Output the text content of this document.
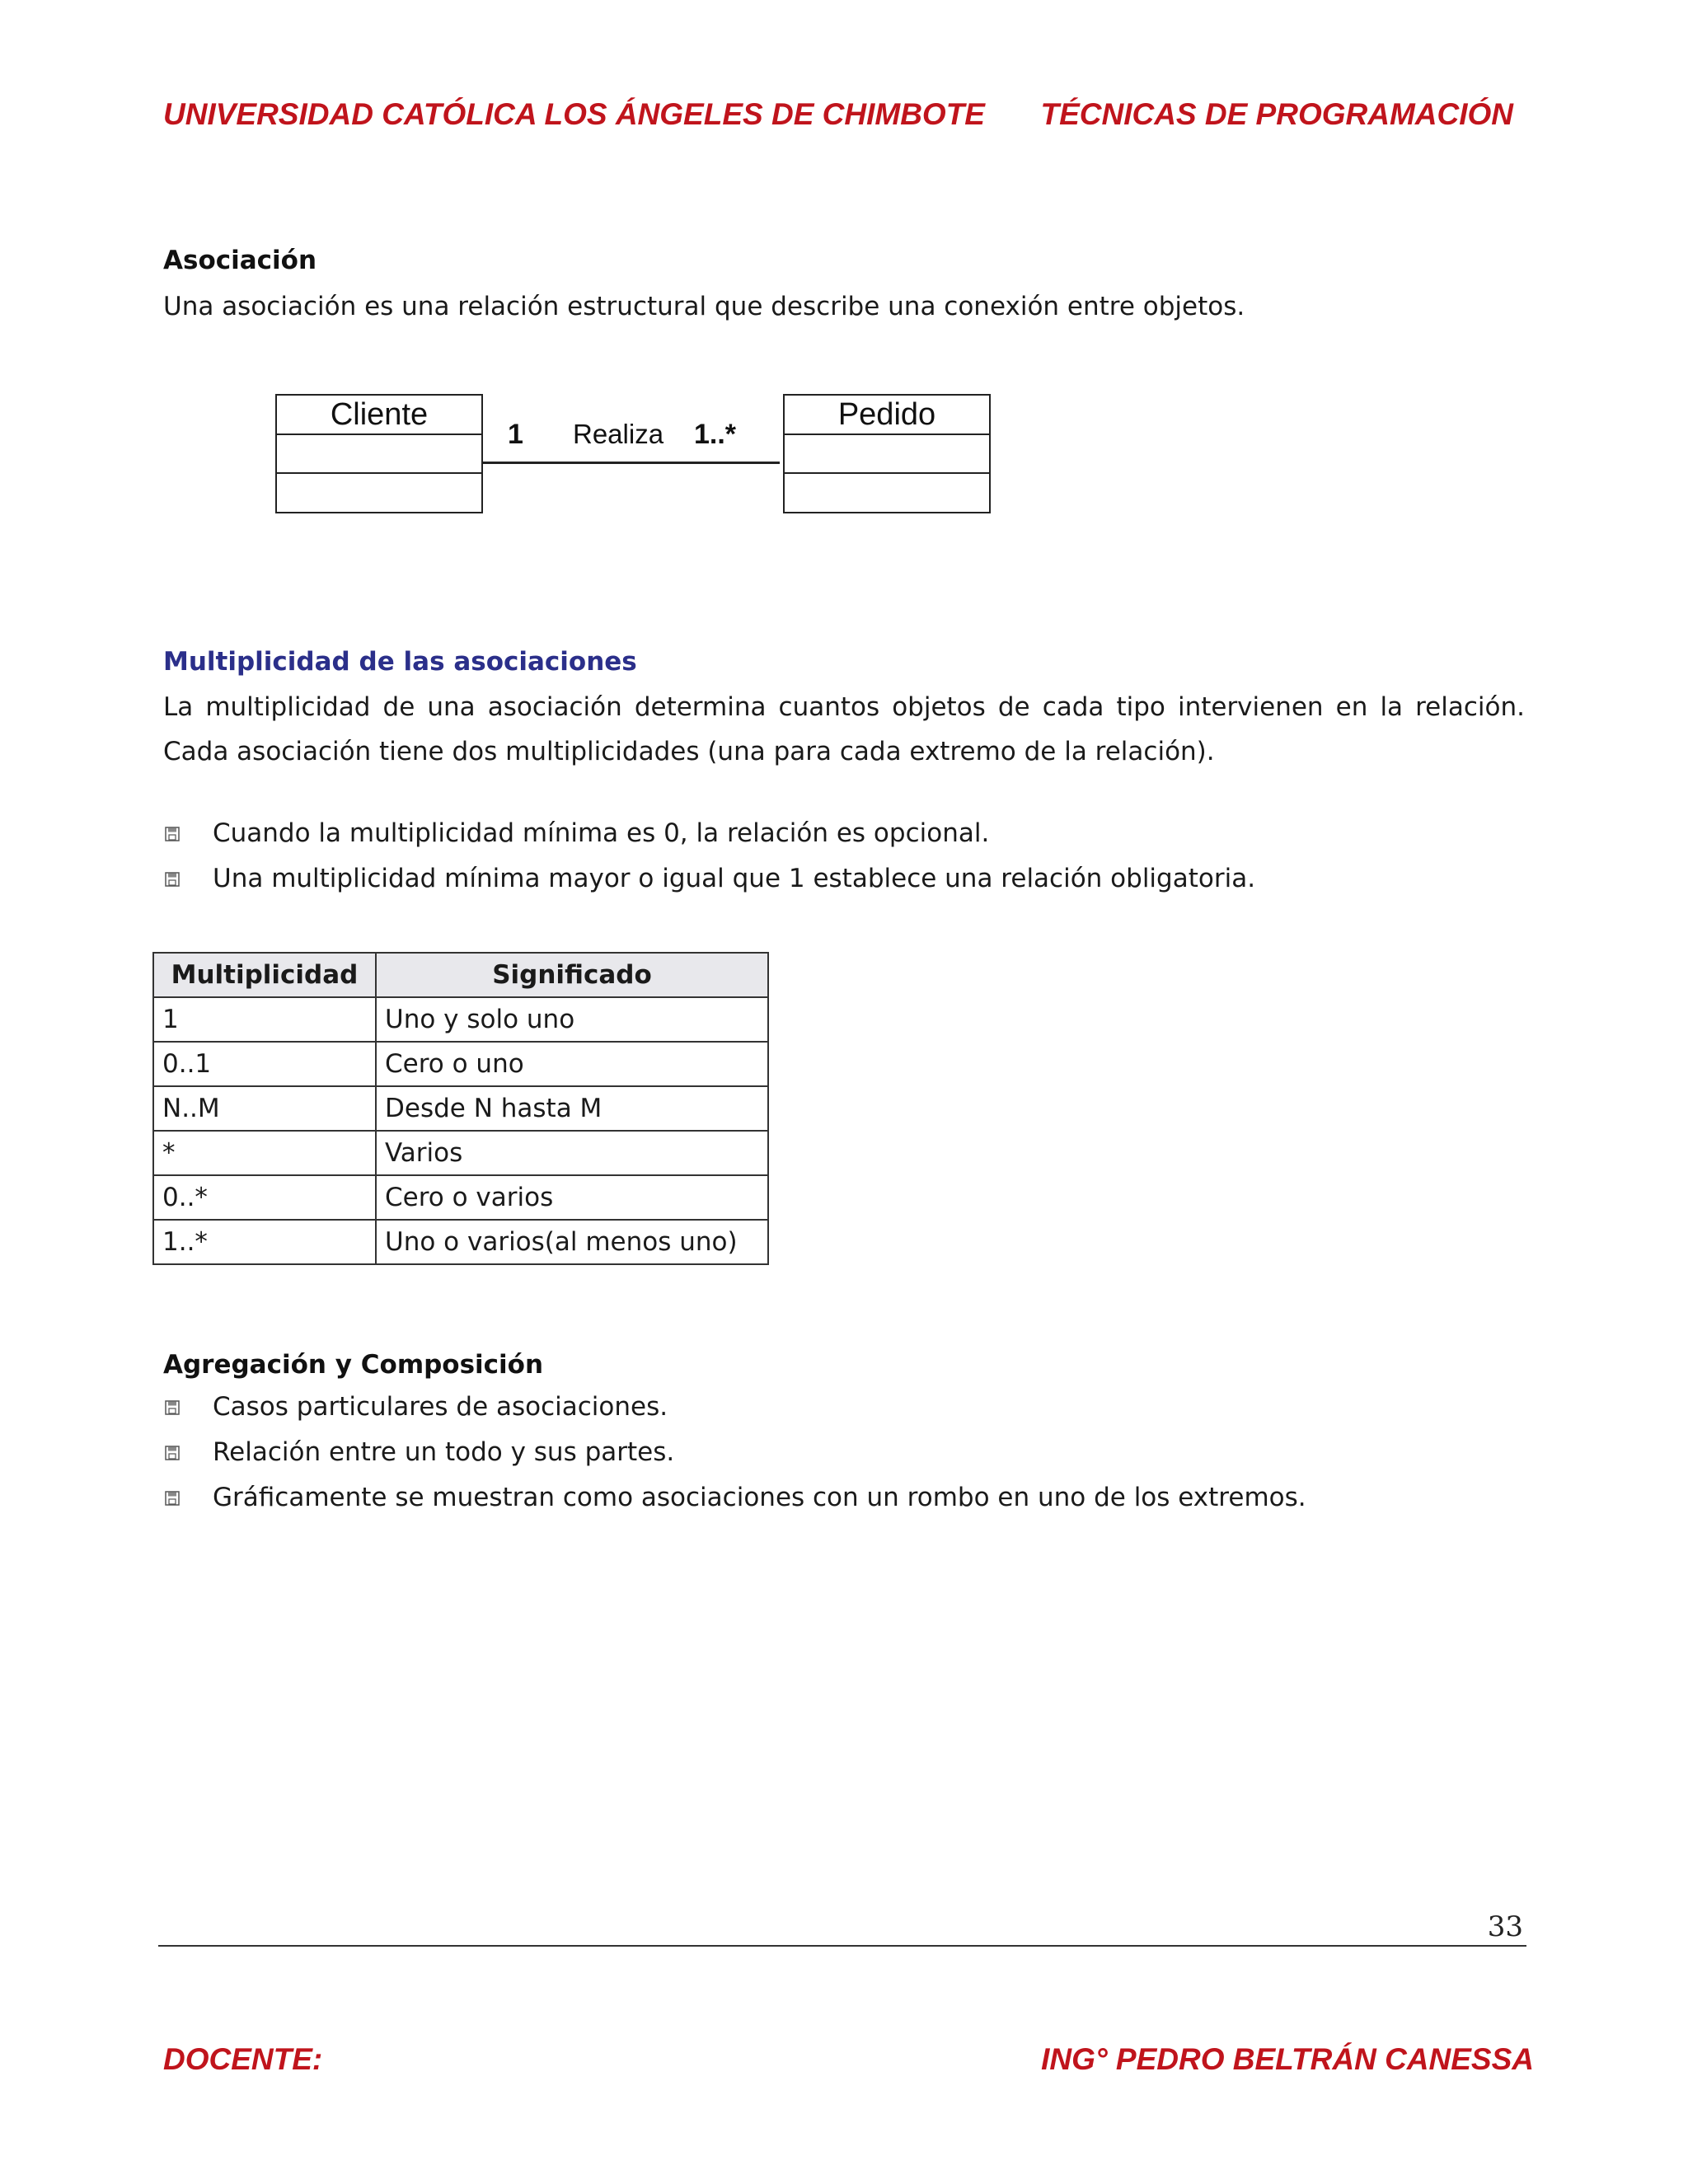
UNIVERSIDAD CATÓLICA LOS ÁNGELES DE CHIMBOTE TÉCNICAS DE PROGRAMACIÓN
Asociación
Una asociación es una relación estructural que describe una conexión entre objetos.
Cliente
1 Realiza 1..*
Pedido
Multiplicidad de las asociaciones
La multiplicidad de una asociación determina cuantos objetos de cada tipo intervienen en la relación. Cada asociación tiene dos multiplicidades (una para cada extremo de la relación).
Cuando la multiplicidad mínima es 0, la relación es opcional.
Una multiplicidad mínima mayor o igual que 1 establece una relación obligatoria.
Multiplicidad	Significado
1	Uno y solo uno
0..1	Cero o uno
N..M	Desde N hasta M
*	Varios
0..*	Cero o varios
1..*	Uno o varios(al menos uno)
Agregación y Composición
Casos particulares de asociaciones.
Relación entre un todo y sus partes.
Gráficamente se muestran como asociaciones con un rombo en uno de los extremos.
33
DOCENTE:	ING° PEDRO BELTRÁN CANESSA
